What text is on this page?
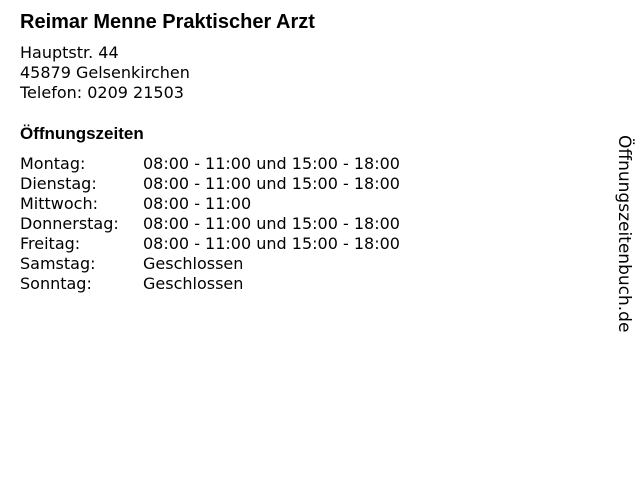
Reimar Menne Praktischer Arzt
Hauptstr. 44
45879 Gelsenkirchen
Telefon: 0209 21503
Öffnungszeiten
Montag:	08:00 - 11:00 und 15:00 - 18:00
Dienstag:	08:00 - 11:00 und 15:00 - 18:00
Mittwoch:	08:00 - 11:00
Donnerstag:	08:00 - 11:00 und 15:00 - 18:00
Freitag:	08:00 - 11:00 und 15:00 - 18:00
Samstag:	Geschlossen
Sonntag:	Geschlossen	Öffnungszeitenbuch.de
